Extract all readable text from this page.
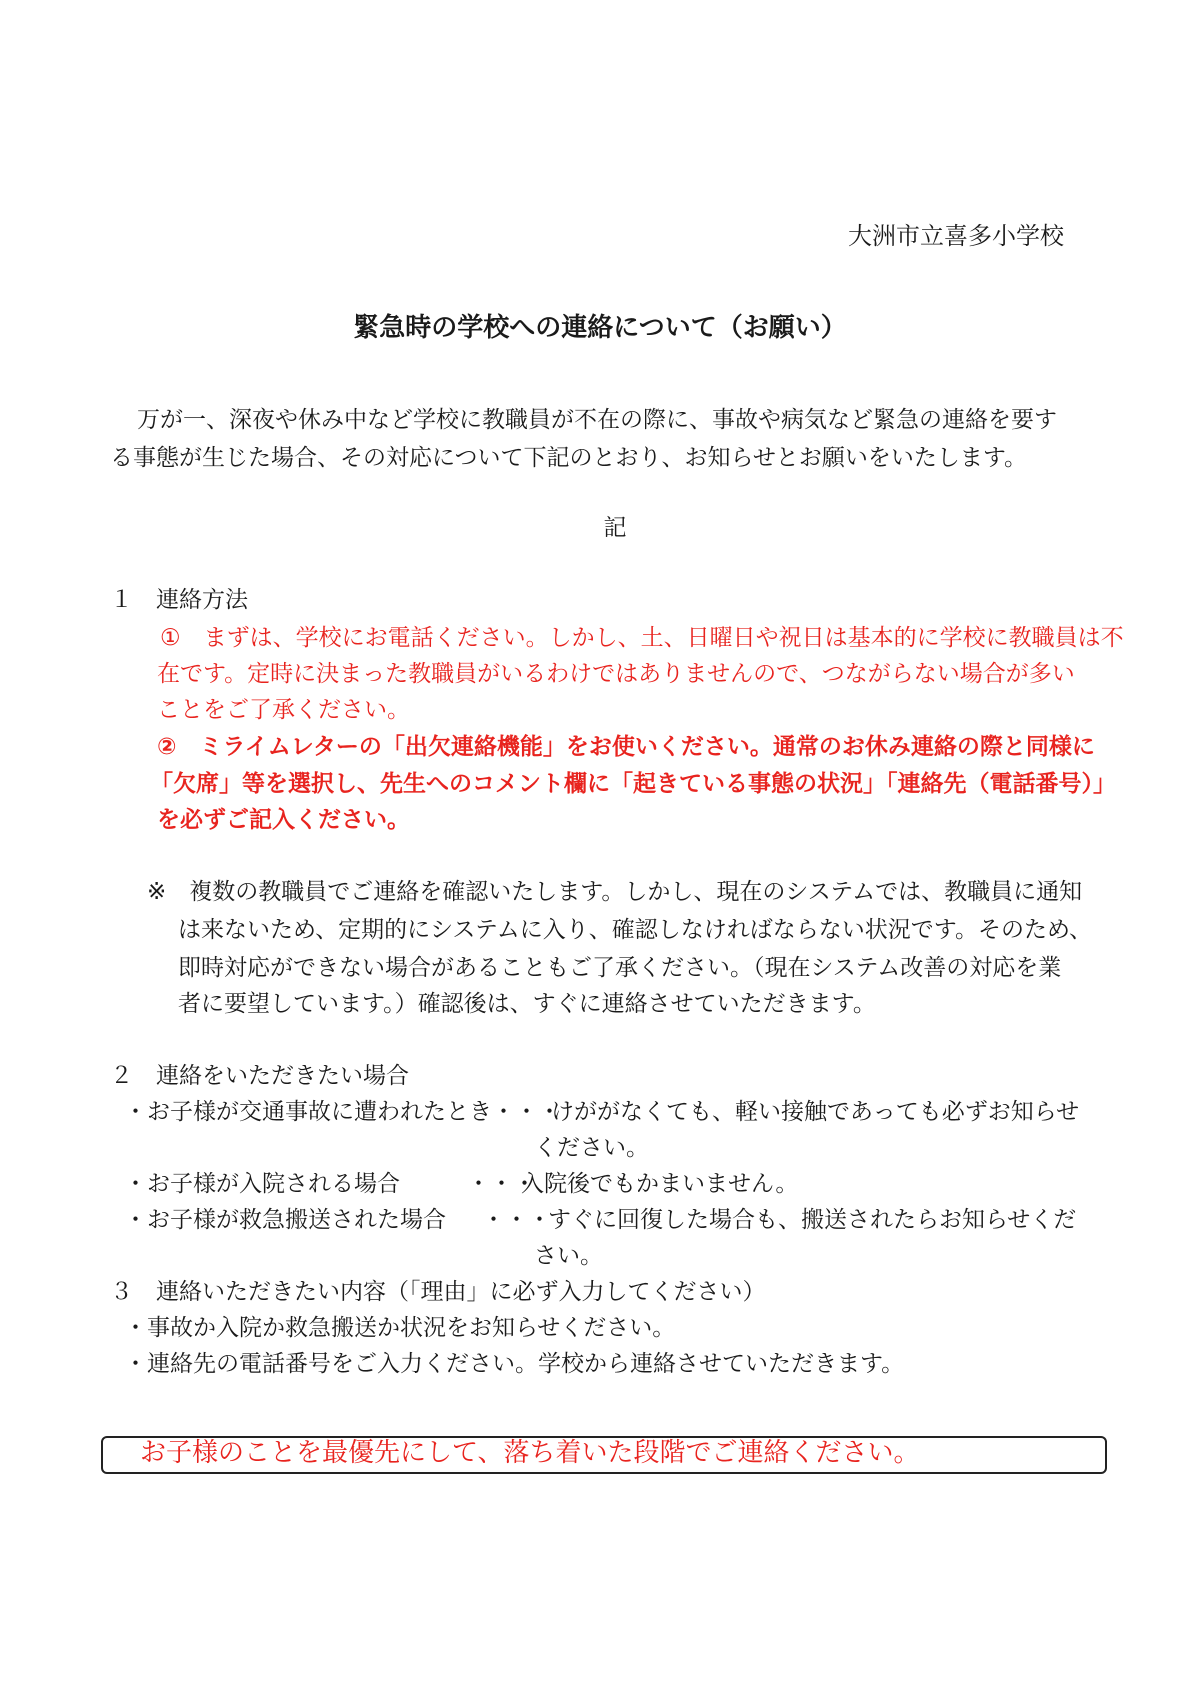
大洲市立喜多小学校
緊急時の学校への連絡について（お願い）
　万が一、深夜や休み中など学校に教職員が不在の際に、事故や病気など緊急の連絡を要す
る事態が生じた場合、その対応について下記のとおり、お知らせとお願いをいたします。
記
１　連絡方法
①　まずは、学校にお電話ください。しかし、土、日曜日や祝日は基本的に学校に教職員は不
在です。定時に決まった教職員がいるわけではありませんので、つながらない場合が多い
ことをご了承ください。
②　ミライムレターの「出欠連絡機能」をお使いください。通常のお休み連絡の際と同様に
「欠席」等を選択し、先生へのコメント欄に「起きている事態の状況」「連絡先（電話番号）」
を必ずご記入ください。
※　複数の教職員でご連絡を確認いたします。しかし、現在のシステムでは、教職員に通知
は来ないため、定期的にシステムに入り、確認しなければならない状況です。そのため、
即時対応ができない場合があることもご了承ください。（現在システム改善の対応を業
者に要望しています。）確認後は、すぐに連絡させていただきます。
２　連絡をいただきたい場合
・お子様が交通事故に遭われたとき・・・
けががなくても、軽い接触であっても必ずお知らせ
ください。
・お子様が入院される場合	・・・
入院後でもかまいません。
・お子様が救急搬送された場合 ・・・
すぐに回復した場合も、搬送されたらお知らせくだ
さい。
３　連絡いただきたい内容（「理由」に必ず入力してください）
・事故か入院か救急搬送か状況をお知らせください。
・連絡先の電話番号をご入力ください。学校から連絡させていただきます。
お子様のことを最優先にして、落ち着いた段階でご連絡ください。
